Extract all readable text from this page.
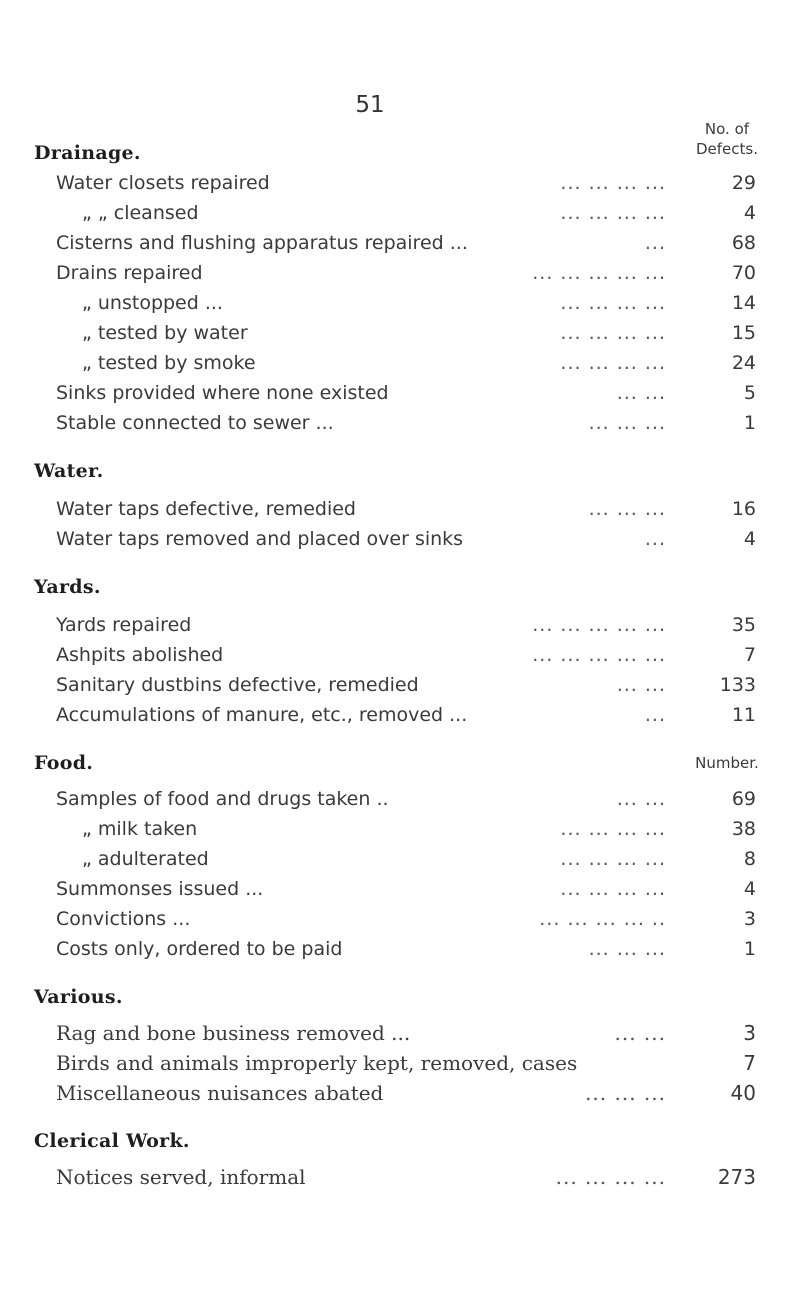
51
Drainage.
No. of
Defects.
Water closets repaired	... ... ... ...	29
„ „ cleansed	... ... ... ...	4
Cisterns and flushing apparatus repaired ...	...	68
Drains repaired	... ... ... ... ...	70
„ unstopped ...	... ... ... ...	14
„ tested by water	... ... ... ...	15
„ tested by smoke	... ... ... ...	24
Sinks provided where none existed	... ...	5
Stable connected to sewer ...	... ... ...	1
Water.
Water taps defective, remedied	... ... ...	16
Water taps removed and placed over sinks	...	4
Yards.
Yards repaired	... ... ... ... ...	35
Ashpits abolished	... ... ... ... ...	7
Sanitary dustbins defective, remedied	... ...	133
Accumulations of manure, etc., removed ...	...	11
Food.	Number.
Samples of food and drugs taken ..	... ...	69
„ milk taken	... ... ... ...	38
„ adulterated	... ... ... ...	8
Summonses issued ...	... ... ... ...	4
Convictions ...	... ... ... ... ..	3
Costs only, ordered to be paid	... ... ...	1
Various.
Rag and bone business removed ...	... ...	3
Birds and animals improperly kept, removed, cases	7
Miscellaneous nuisances abated	... ... ...	40
Clerical Work.
Notices served, informal	... ... ... ...	273
